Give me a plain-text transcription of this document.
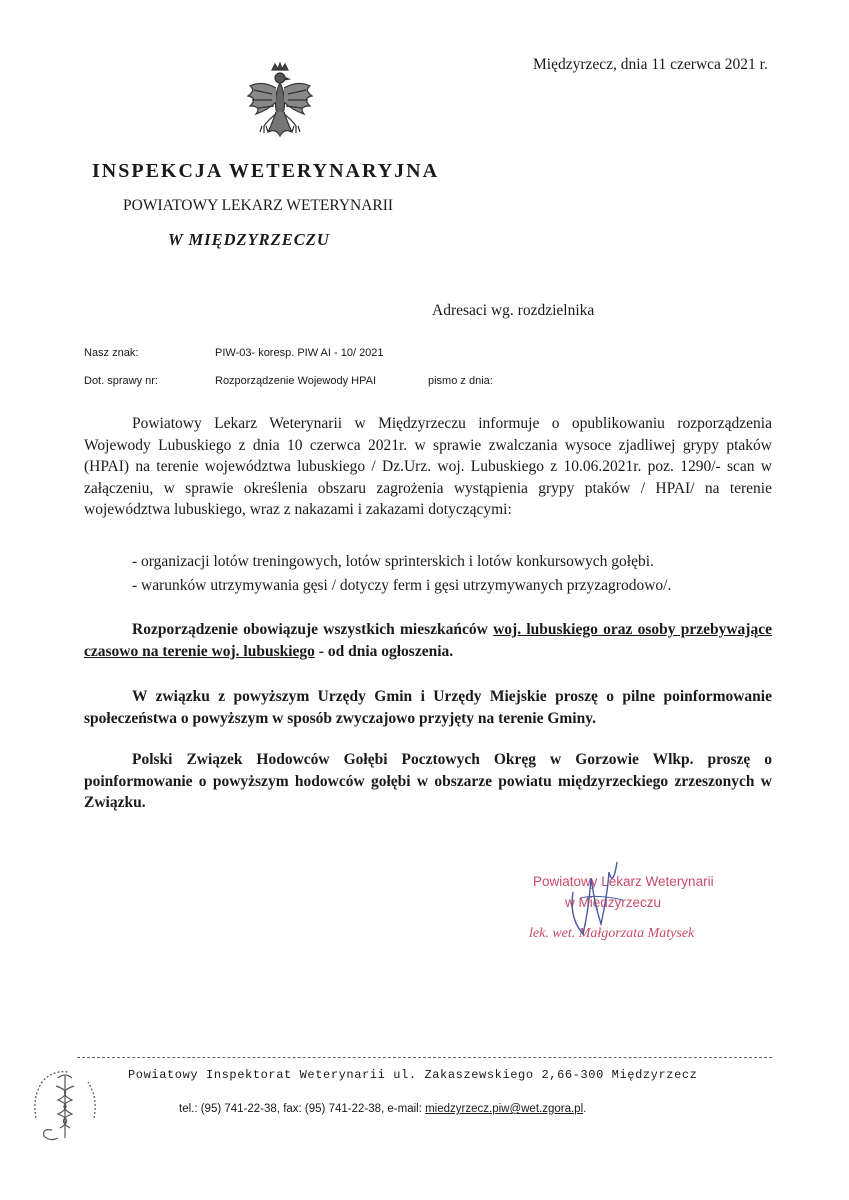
Międzyrzecz, dnia 11 czerwca 2021 r.
INSPEKCJA WETERYNARYJNA
POWIATOWY LEKARZ WETERYNARII
W MIĘDZYRZECZU
Adresaci wg. rozdzielnika
Nasz znak:	PIW-03- koresp. PIW AI - 10/ 2021
Dot. sprawy nr:	Rozporządzenie Wojewody HPAI	pismo z dnia:
Powiatowy Lekarz Weterynarii w Międzyrzeczu informuje o opublikowaniu rozporządzenia Wojewody Lubuskiego z dnia 10 czerwca 2021r. w sprawie zwalczania wysoce zjadliwej grypy ptaków (HPAI) na terenie województwa lubuskiego / Dz.Urz. woj. Lubuskiego z 10.06.2021r. poz. 1290/- scan w załączeniu, w sprawie określenia obszaru zagrożenia wystąpienia grypy ptaków / HPAI/ na terenie województwa lubuskiego, wraz z nakazami i zakazami dotyczącymi:
- organizacji lotów treningowych, lotów sprinterskich i lotów konkursowych gołębi.
- warunków utrzymywania gęsi / dotyczy ferm i gęsi utrzymywanych przyzagrodowo/.
Rozporządzenie obowiązuje wszystkich mieszkańców woj. lubuskiego oraz osoby przebywające czasowo na terenie woj. lubuskiego - od dnia ogłoszenia.
W związku z powyższym Urzędy Gmin i Urzędy Miejskie proszę o pilne poinformowanie społeczeństwa o powyższym w sposób zwyczajowo przyjęty na terenie Gminy.
Polski Związek Hodowców Gołębi Pocztowych Okręg w Gorzowie Wlkp. proszę o poinformowanie o powyższym hodowców gołębi w obszarze powiatu międzyrzeckiego zrzeszonych w Związku.
Powiatowy Lekarz Weterynarii
w Międzyrzeczu
lek. wet. Małgorzata Matysek
Powiatowy Inspektorat Weterynarii ul. Zakaszewskiego 2,66-300 Międzyrzecz
tel.: (95) 741-22-38, fax: (95) 741-22-38, e-mail: miedzyrzecz.piw@wet.zgora.pl.
